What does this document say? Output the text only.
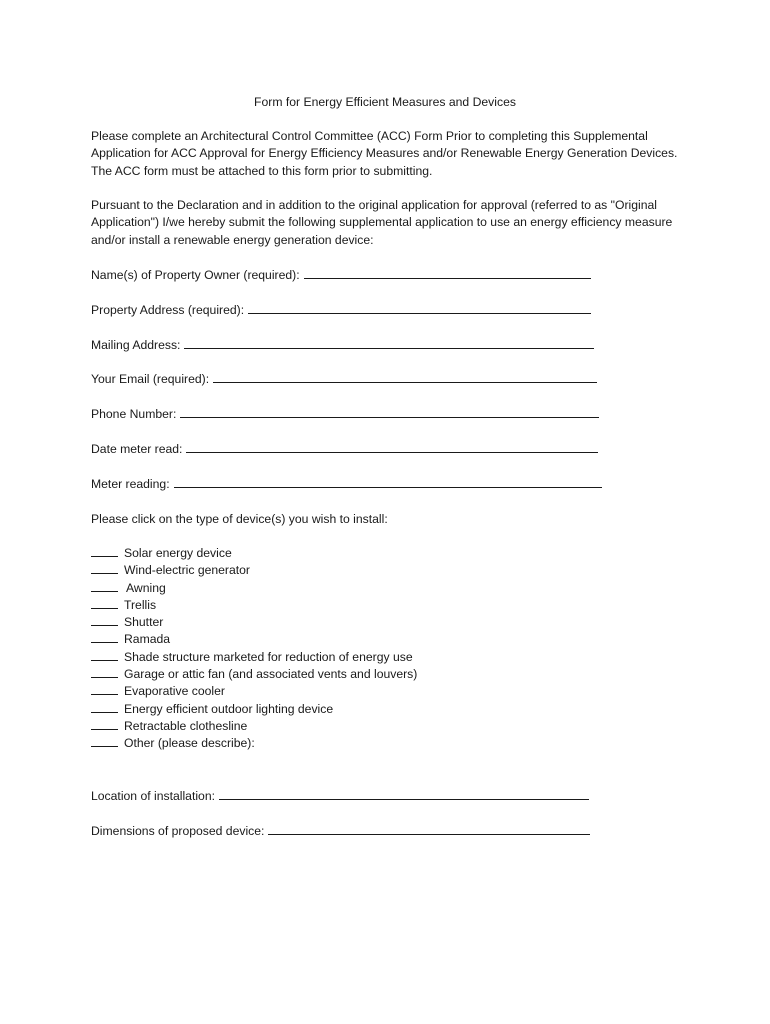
Form for Energy Efficient Measures and Devices

Please complete an Architectural Control Committee (ACC) Form Prior to completing this Supplemental Application for ACC Approval for Energy Efficiency Measures and/or Renewable Energy Generation Devices. The ACC form must be attached to this form prior to submitting.

Pursuant to the Declaration and in addition to the original application for approval (referred to as "Original Application") I/we hereby submit the following supplemental application to use an energy efficiency measure and/or install a renewable energy generation device:

Name(s) of Property Owner (required):
Property Address (required):
Mailing Address:
Your Email (required):
Phone Number:
Date meter read:
Meter reading:
Please click on the type of device(s) you wish to install:
Solar energy device
Wind-electric generator
Awning
Trellis
Shutter
Ramada
Shade structure marketed for reduction of energy use
Garage or attic fan (and associated vents and louvers)
Evaporative cooler
Energy efficient outdoor lighting device
Retractable clothesline
Other (please describe):
Location of installation:
Dimensions of proposed device:
